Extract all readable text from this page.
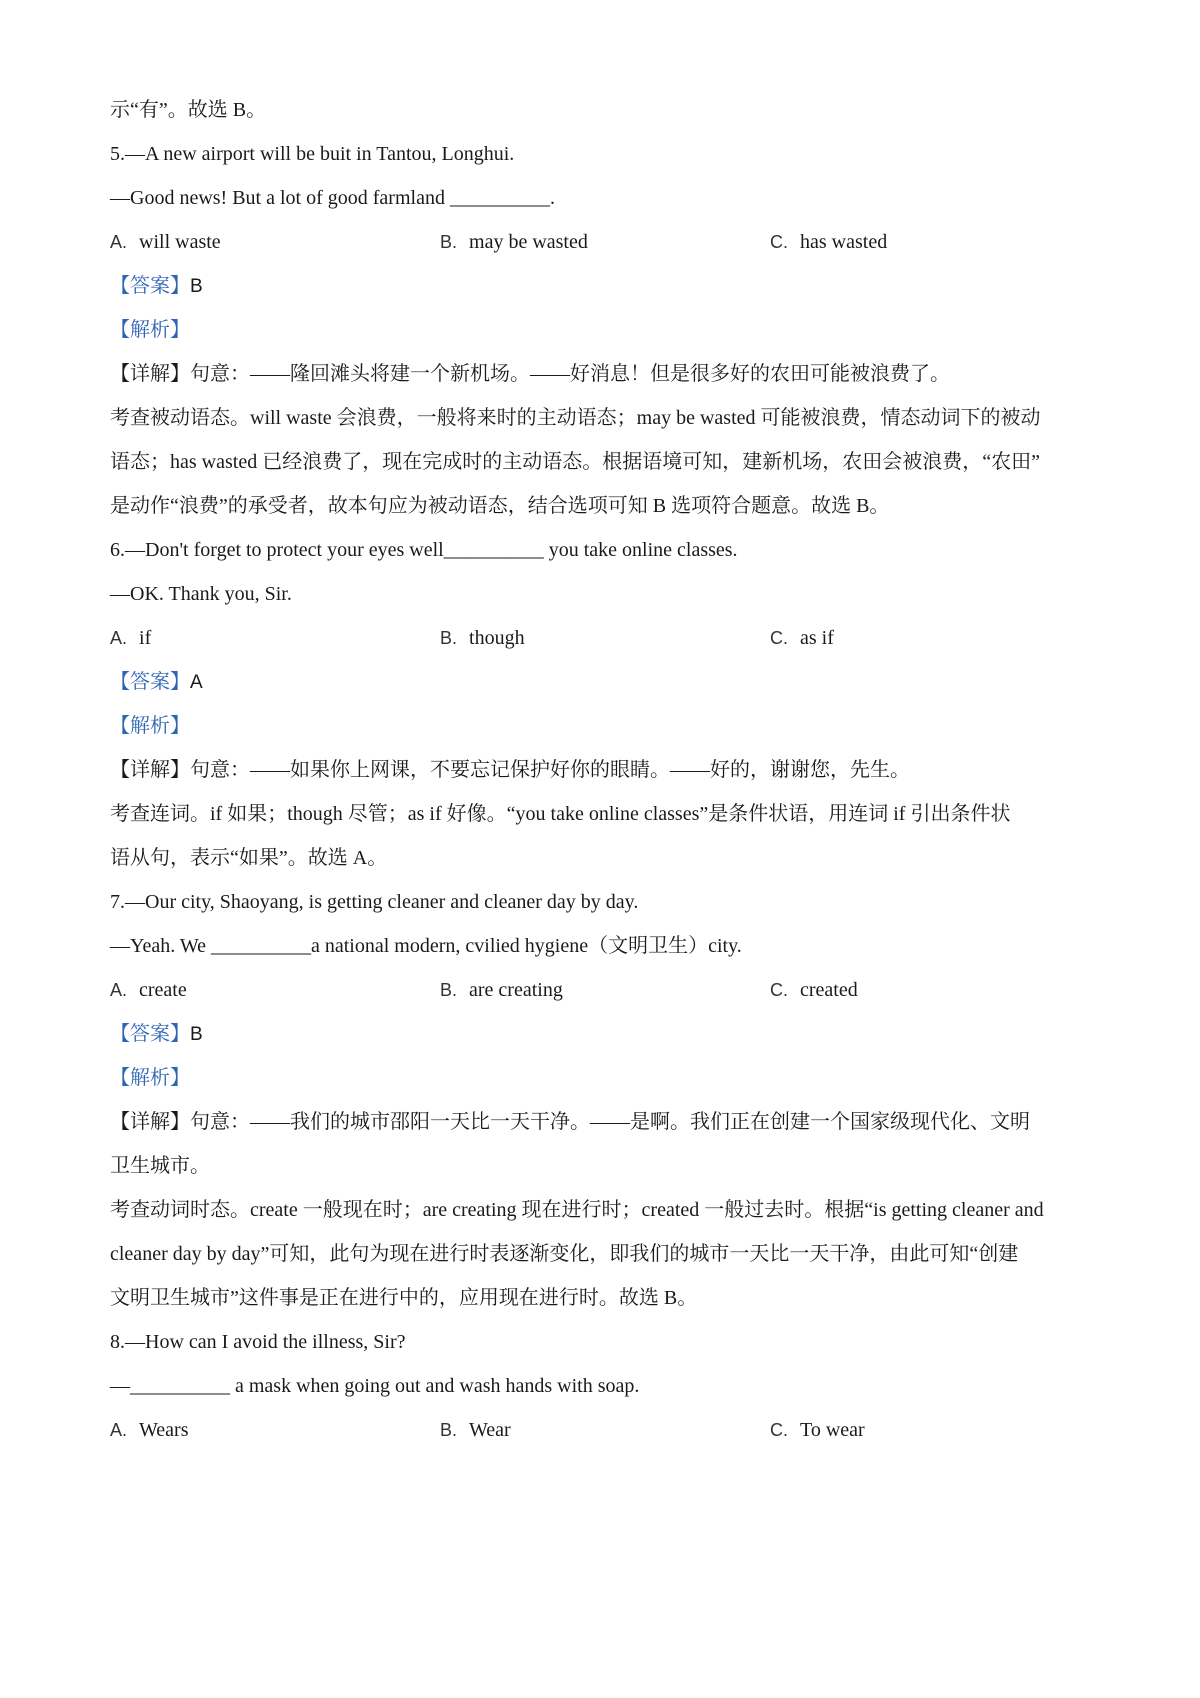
示“有”。故选 B。
5.—A new airport will be buit in Tantou, Longhui.
—Good news! But a lot of good farmland __________.
A. will waste	B. may be wasted	C. has wasted
【答案】B
【解析】
【详解】句意：——隆回滩头将建一个新机场。——好消息！但是很多好的农田可能被浪费了。
考查被动语态。will waste 会浪费，一般将来时的主动语态；may be wasted 可能被浪费，情态动词下的被动
语态；has wasted 已经浪费了，现在完成时的主动语态。根据语境可知，建新机场，农田会被浪费，“农田”
是动作“浪费”的承受者，故本句应为被动语态，结合选项可知 B 选项符合题意。故选 B。
6.—Don't forget to protect your eyes well__________ you take online classes.
—OK. Thank you, Sir.
A. if	B. though	C. as if
【答案】A
【解析】
【详解】句意：——如果你上网课，不要忘记保护好你的眼睛。——好的，谢谢您，先生。
考查连词。if 如果；though 尽管；as if 好像。“you take online classes”是条件状语，用连词 if 引出条件状
语从句，表示“如果”。故选 A。
7.—Our city, Shaoyang, is getting cleaner and cleaner day by day.
—Yeah. We __________a national modern, cvilied hygiene（文明卫生）city.
A. create	B. are creating	C. created
【答案】B
【解析】
【详解】句意：——我们的城市邵阳一天比一天干净。——是啊。我们正在创建一个国家级现代化、文明
卫生城市。
考查动词时态。create 一般现在时；are creating 现在进行时；created 一般过去时。根据“is getting cleaner and
cleaner day by day”可知，此句为现在进行时表逐渐变化，即我们的城市一天比一天干净，由此可知“创建
文明卫生城市”这件事是正在进行中的，应用现在进行时。故选 B。
8.—How can I avoid the illness, Sir?
—__________ a mask when going out and wash hands with soap.
A. Wears	B. Wear	C. To wear
